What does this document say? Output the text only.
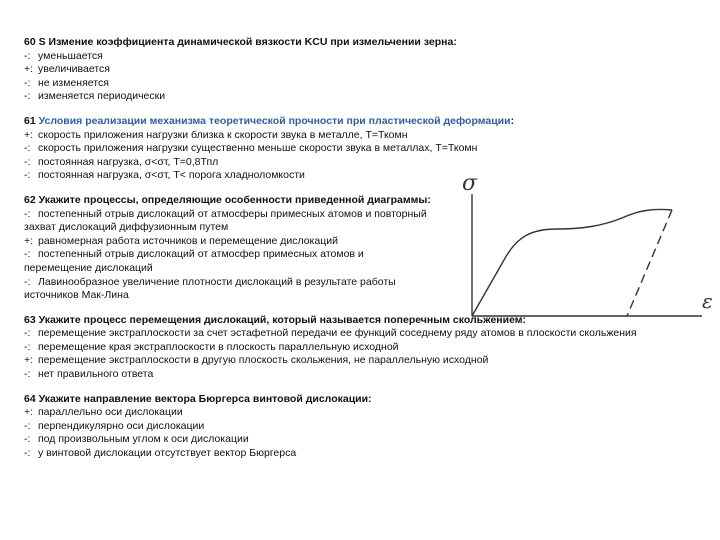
60 S Измение коэффициента динамической вязкости KCU при измельчении зерна:
-: уменьшается
+: увеличивается
-: не изменяется
-: изменяется периодически
61 Условия реализации механизма теоретической прочности при пластической деформации:
+: скорость приложения нагрузки близка к скорости звука в металле, Т=Ткомн
-: скорость приложения нагрузки существенно меньше скорости звука в металлах, Т=Ткомн
-: постоянная нагрузка, σ<σт, Т=0,8Тпл
-: постоянная нагрузка, σ<σт, Т< порога хладноломкости
62 Укажите процессы, определяющие особенности приведенной диаграммы:
-: постепенный отрыв дислокаций от атмосферы примесных атомов и повторный захват дислокаций диффузионным путем
+: равномерная работа источников и перемещение дислокаций
-: постепенный отрыв дислокаций от атмосфер примесных атомов и перемещение дислокаций
-: Лавинообразное увеличение плотности дислокаций в результате работы источников Мак-Лина
σ
ε
63 Укажите процесс перемещения дислокаций, который называется поперечным скольжением:
-: перемещение экстраплоскости за счет эстафетной передачи ее функций соседнему ряду атомов в плоскости скольжения
-: перемещение края экстраплоскости в плоскость параллельную исходной
+: перемещение экстраплоскости в другую плоскость скольжения, не параллельную исходной
-: нет правильного ответа
64 Укажите направление вектора Бюргерса винтовой дислокации:
+: параллельно оси дислокации
-: перпендикулярно оси дислокации
-: под произвольным углом к оси дислокации
-: у винтовой дислокации отсутствует вектор Бюргерса
